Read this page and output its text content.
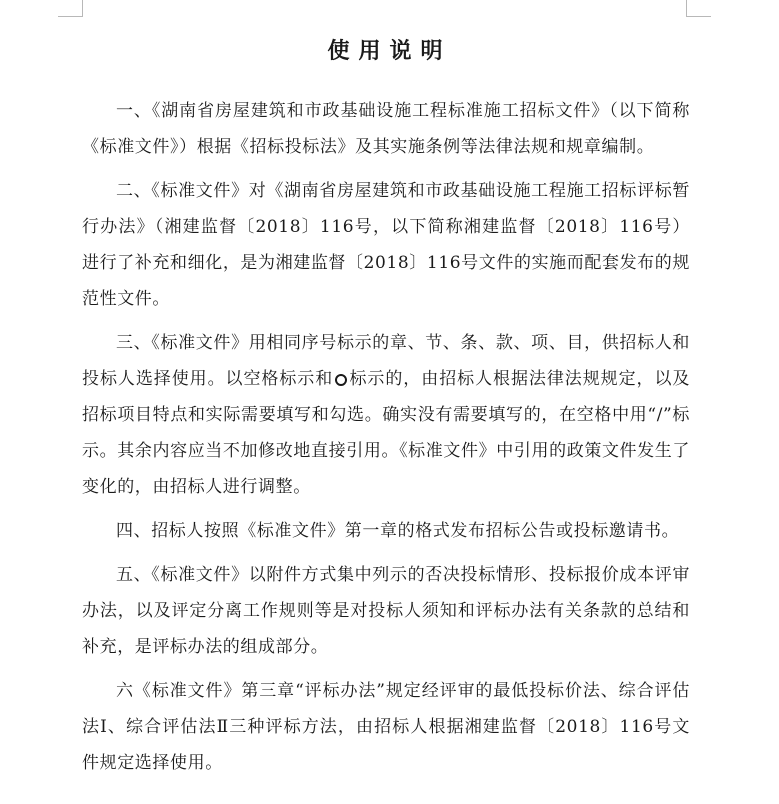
使用说明

一、《湖南省房屋建筑和市政基础设施工程标准施工招标文件》（以下简称《标准文件》）根据《招标投标法》及其实施条例等法律法规和规章编制。

二、《标准文件》对《湖南省房屋建筑和市政基础设施工程施工招标评标暂行办法》（湘建监督〔2018〕116号，以下简称湘建监督〔2018〕116号）进行了补充和细化，是为湘建监督〔2018〕116号文件的实施而配套发布的规范性文件。

三、《标准文件》用相同序号标示的章、节、条、款、项、目，供招标人和投标人选择使用。以空格标示和 ○ 标示的，由招标人根据法律法规规定，以及招标项目特点和实际需要填写和勾选。确实没有需要填写的，在空格中用“/”标示。其余内容应当不加修改地直接引用。《标准文件》中引用的政策文件发生了变化的，由招标人进行调整。

四、招标人按照《标准文件》第一章的格式发布招标公告或投标邀请书。

五、《标准文件》以附件方式集中列示的否决投标情形、投标报价成本评审办法，以及评定分离工作规则等是对投标人须知和评标办法有关条款的总结和补充，是评标办法的组成部分。

六《标准文件》第三章“评标办法”规定经评审的最低投标价法、综合评估法Ⅰ、综合评估法Ⅱ三种评标方法，由招标人根据湘建监督〔2018〕116号文件规定选择使用。
